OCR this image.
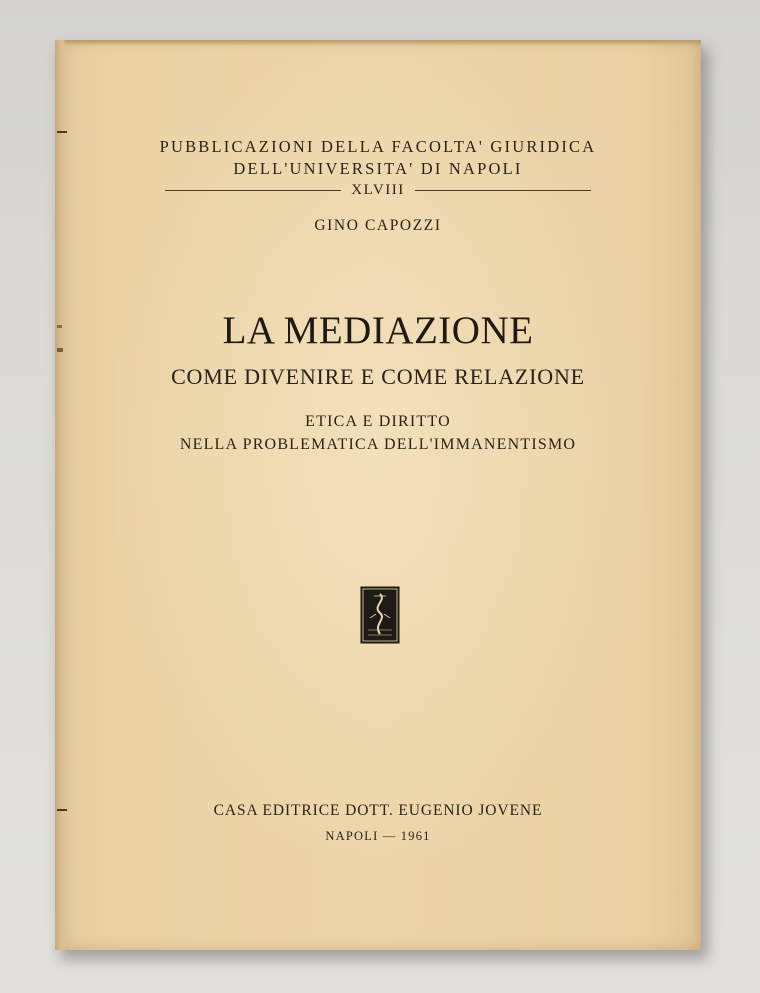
PUBBLICAZIONI DELLA FACOLTA' GIURIDICA
DELL'UNIVERSITA' DI NAPOLI
XLVIII
GINO CAPOZZI
LA MEDIAZIONE
COME DIVENIRE E COME RELAZIONE
ETICA E DIRITTO
NELLA PROBLEMATICA DELL'IMMANENTISMO
CASA EDITRICE DOTT. EUGENIO JOVENE
NAPOLI — 1961
